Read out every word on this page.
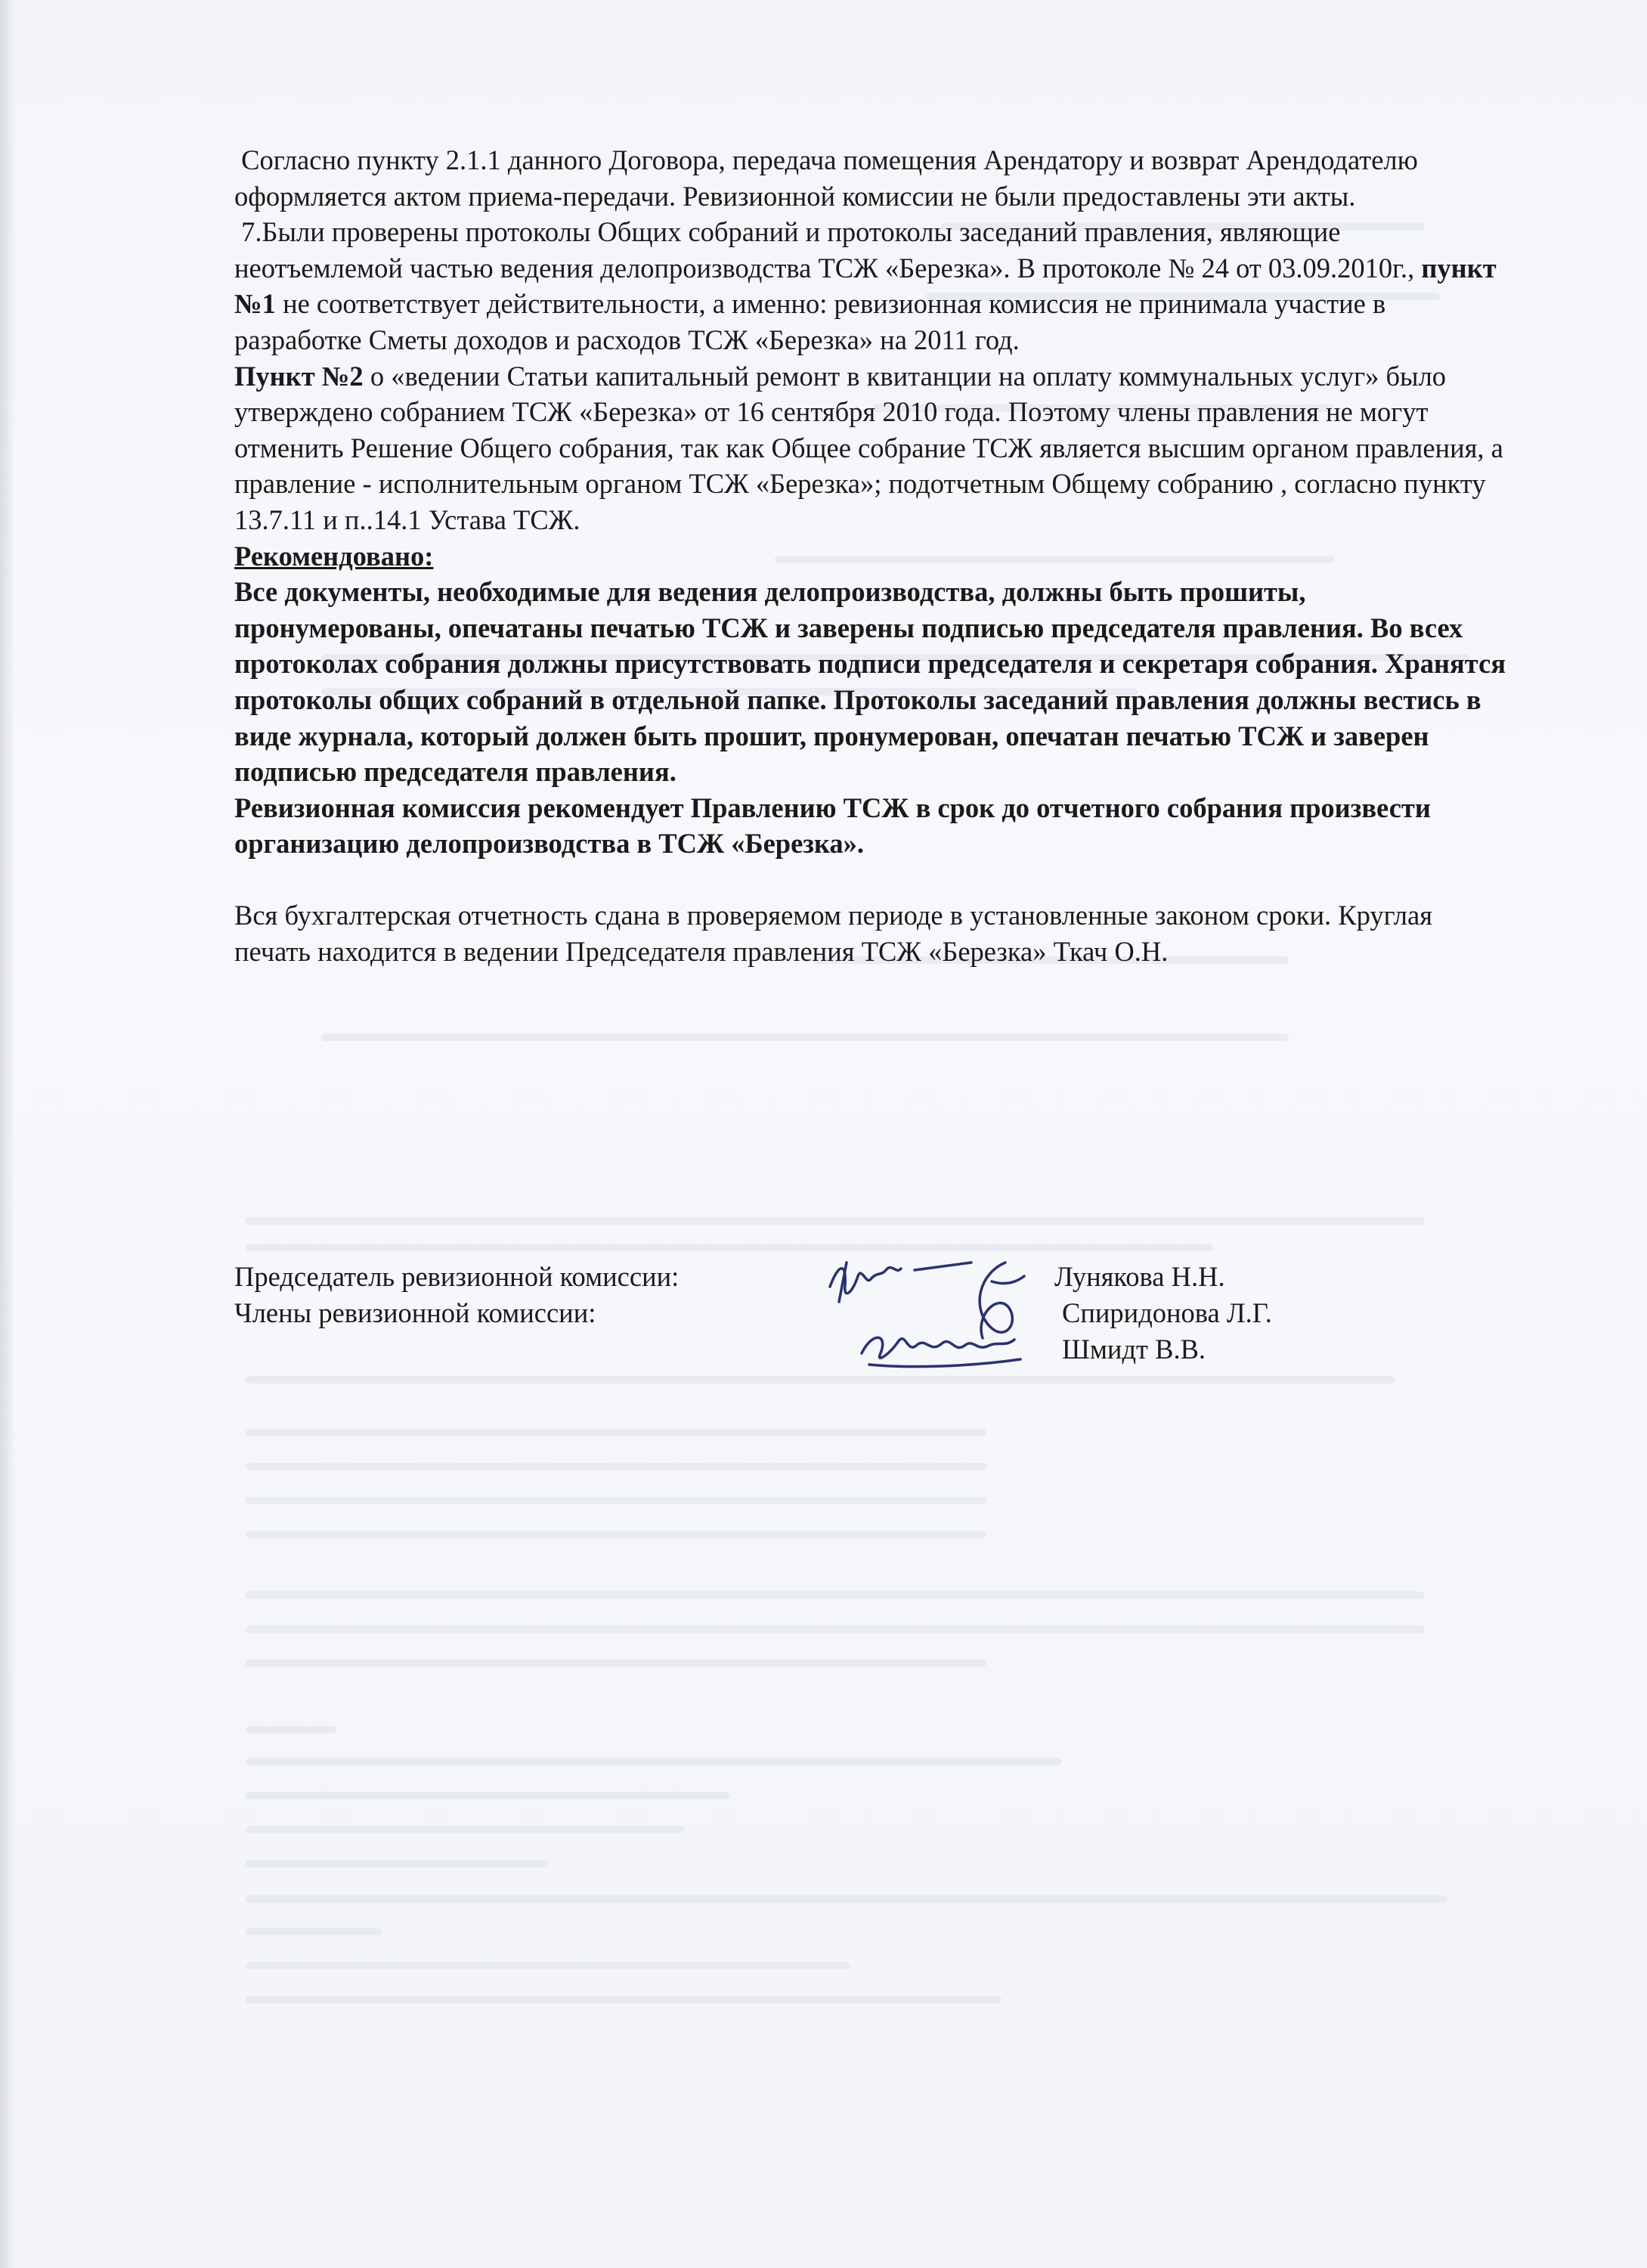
Согласно пункту 2.1.1 данного Договора, передача помещения Арендатору и возврат Арендодателю оформляется актом приема-передачи. Ревизионной комиссии не были предоставлены эти акты.

7.Были проверены протоколы Общих собраний и протоколы заседаний правления, являющие неотъемлемой частью ведения делопроизводства ТСЖ «Березка». В протоколе № 24 от 03.09.2010г., пункт №1 не соответствует действительности, а именно: ревизионная комиссия не принимала участие в разработке Сметы доходов и расходов ТСЖ «Березка» на 2011 год.

Пункт №2 о «ведении Статьи капитальный ремонт в квитанции на оплату коммунальных услуг» было утверждено собранием ТСЖ «Березка» от 16 сентября 2010 года. Поэтому члены правления не могут отменить Решение Общего собрания, так как Общее собрание ТСЖ является высшим органом правления, а правление - исполнительным органом ТСЖ «Березка»; подотчетным Общему собранию , согласно пункту 13.7.11 и п..14.1 Устава ТСЖ.

Рекомендовано:

Все документы, необходимые для ведения делопроизводства, должны быть прошиты, пронумерованы, опечатаны печатью ТСЖ и заверены подписью председателя правления. Во всех протоколах собрания должны присутствовать подписи председателя и секретаря собрания. Хранятся протоколы общих собраний в отдельной папке. Протоколы заседаний правления должны вестись в виде журнала, который должен быть прошит, пронумерован, опечатан печатью ТСЖ и заверен подписью председателя правления.

Ревизионная комиссия рекомендует Правлению ТСЖ в срок до отчетного собрания произвести организацию делопроизводства в ТСЖ «Березка».

Вся бухгалтерская отчетность сдана в проверяемом периоде в установленные законом сроки. Круглая печать находится в ведении Председателя правления ТСЖ «Березка» Ткач О.Н.

Председатель ревизионной комиссии:	Лунякова Н.Н.
Члены ревизионной комиссии:	Спиридонова Л.Г.
Шмидт В.В.
